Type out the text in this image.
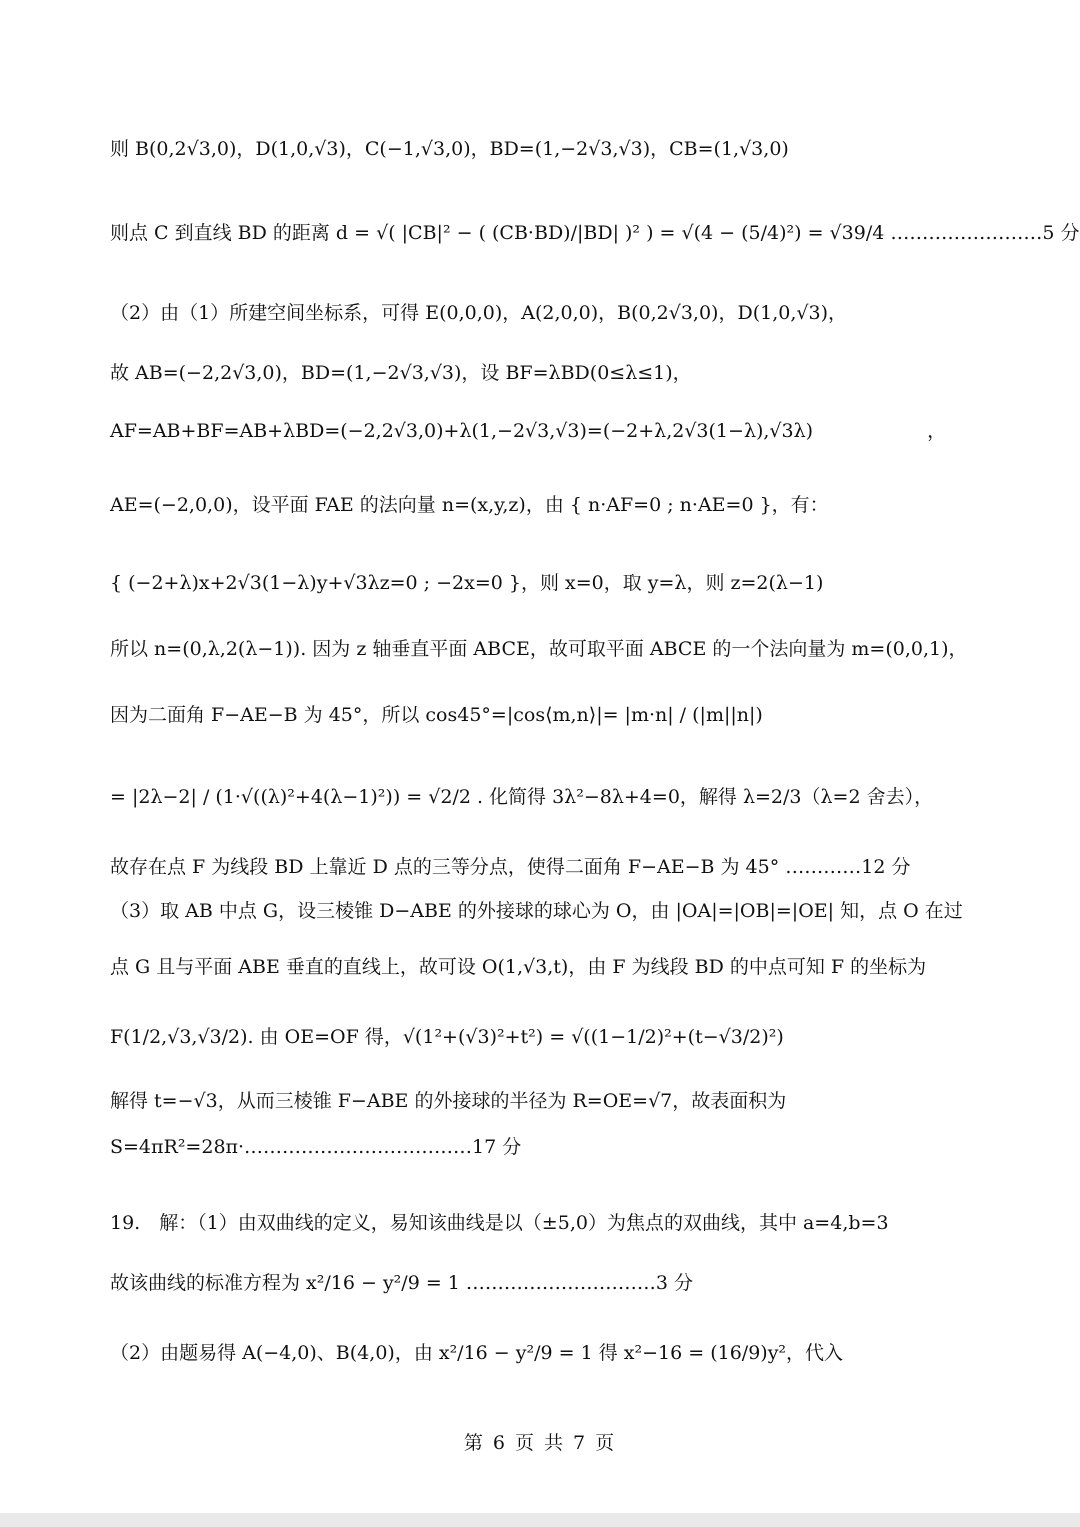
则 B(0,2√3,0)，D(1,0,√3)，C(−1,√3,0)，BD=(1,−2√3,√3)，CB=(1,√3,0)
则点 C 到直线 BD 的距离 d = √( |CB|² − ( (CB·BD)/|BD| )² ) = √(4 − (5/4)²) = √39/4 ……………………5 分
（2）由（1）所建空间坐标系，可得 E(0,0,0)，A(2,0,0)，B(0,2√3,0)，D(1,0,√3)，
故 AB=(−2,2√3,0)，BD=(1,−2√3,√3)，设 BF=λBD(0≤λ≤1)，
AF=AB+BF=AB+λBD=(−2,2√3,0)+λ(1,−2√3,√3)=(−2+λ,2√3(1−λ),√3λ)　　　　　　，
AE=(−2,0,0)，设平面 FAE 的法向量 n=(x,y,z)，由 { n·AF=0 ; n·AE=0 }，有：
{ (−2+λ)x+2√3(1−λ)y+√3λz=0 ; −2x=0 }，则 x=0，取 y=λ，则 z=2(λ−1)
所以 n=(0,λ,2(λ−1)). 因为 z 轴垂直平面 ABCE，故可取平面 ABCE 的一个法向量为 m=(0,0,1)，
因为二面角 F−AE−B 为 45°，所以 cos45°=|cos⟨m,n⟩|= |m·n| / (|m||n|)
= |2λ−2| / (1·√((λ)²+4(λ−1)²)) = √2/2 . 化简得 3λ²−8λ+4=0，解得 λ=2/3（λ=2 舍去），
故存在点 F 为线段 BD 上靠近 D 点的三等分点，使得二面角 F−AE−B 为 45° …………12 分
（3）取 AB 中点 G，设三棱锥 D−ABE 的外接球的球心为 O，由 |OA|=|OB|=|OE| 知，点 O 在过
点 G 且与平面 ABE 垂直的直线上，故可设 O(1,√3,t)，由 F 为线段 BD 的中点可知 F 的坐标为
F(1/2,√3,√3/2). 由 OE=OF 得，√(1²+(√3)²+t²) = √((1−1/2)²+(t−√3/2)²)
解得 t=−√3，从而三棱锥 F−ABE 的外接球的半径为 R=OE=√7，故表面积为
S=4πR²=28π·………………………………17 分
19.　解：（1）由双曲线的定义，易知该曲线是以（±5,0）为焦点的双曲线，其中 a=4,b=3
故该曲线的标准方程为 x²/16 − y²/9 = 1 …………………………3 分
（2）由题易得 A(−4,0)、B(4,0)，由 x²/16 − y²/9 = 1 得 x²−16 = (16/9)y²，代入
第 6 页 共 7 页
